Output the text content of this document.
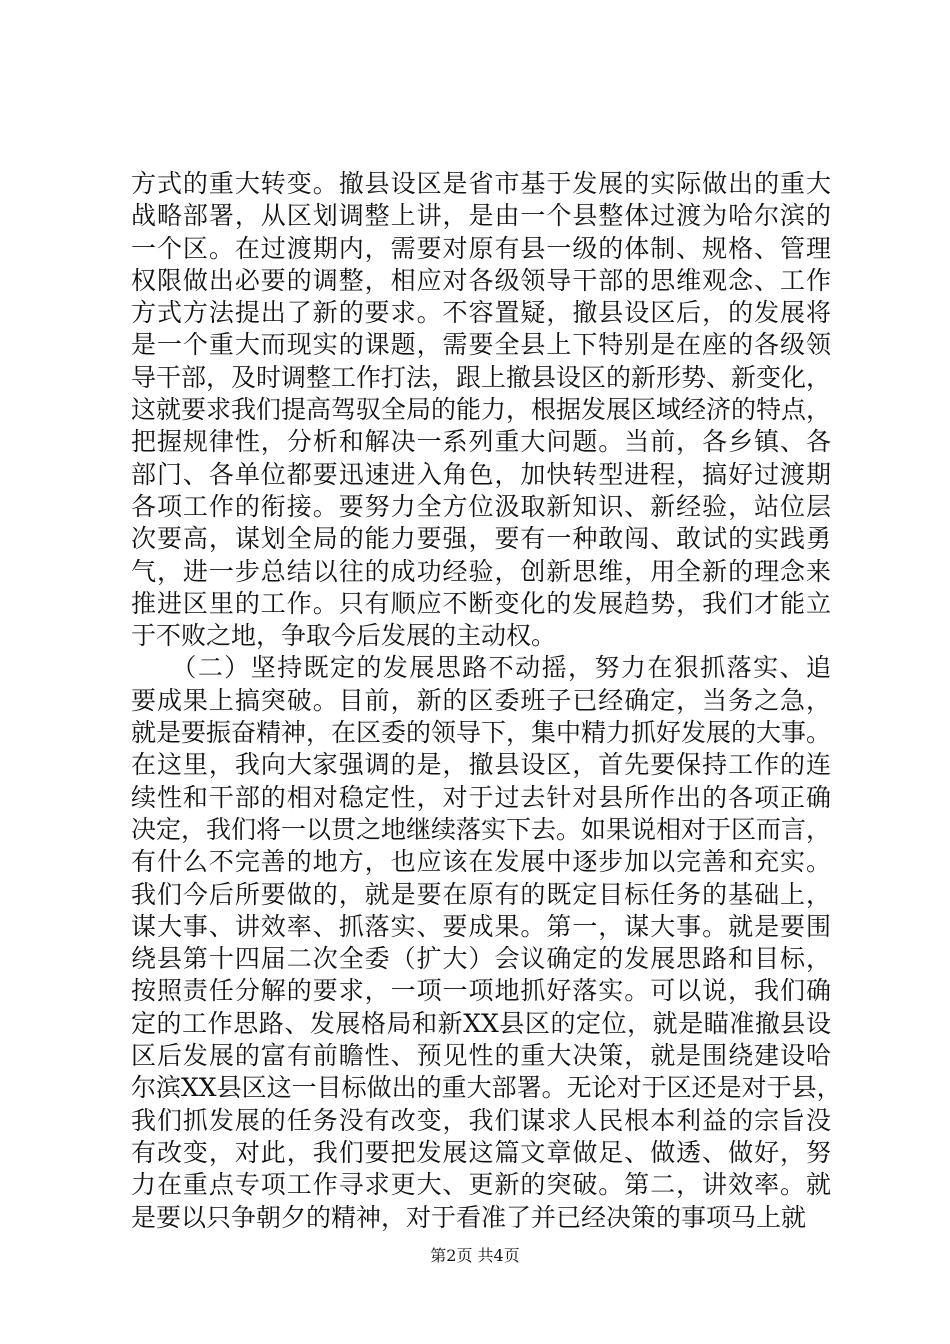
方式的重大转变。撤县设区是省市基于发展的实际做出的重大
战略部署，从区划调整上讲，是由一个县整体过渡为哈尔滨的
一个区。在过渡期内，需要对原有县一级的体制、规格、管理
权限做出必要的调整，相应对各级领导干部的思维观念、工作
方式方法提出了新的要求。不容置疑，撤县设区后，的发展将
是一个重大而现实的课题，需要全县上下特别是在座的各级领
导干部，及时调整工作打法，跟上撤县设区的新形势、新变化，
这就要求我们提高驾驭全局的能力，根据发展区域经济的特点，
把握规律性，分析和解决一系列重大问题。当前，各乡镇、各
部门、各单位都要迅速进入角色，加快转型进程，搞好过渡期
各项工作的衔接。要努力全方位汲取新知识、新经验，站位层
次要高，谋划全局的能力要强，要有一种敢闯、敢试的实践勇
气，进一步总结以往的成功经验，创新思维，用全新的理念来
推进区里的工作。只有顺应不断变化的发展趋势，我们才能立
于不败之地，争取今后发展的主动权。
　　（二）坚持既定的发展思路不动摇，努力在狠抓落实、追
要成果上搞突破。目前，新的区委班子已经确定，当务之急，
就是要振奋精神，在区委的领导下，集中精力抓好发展的大事。
在这里，我向大家强调的是，撤县设区，首先要保持工作的连
续性和干部的相对稳定性，对于过去针对县所作出的各项正确
决定，我们将一以贯之地继续落实下去。如果说相对于区而言，
有什么不完善的地方，也应该在发展中逐步加以完善和充实。
我们今后所要做的，就是要在原有的既定目标任务的基础上，
谋大事、讲效率、抓落实、要成果。第一，谋大事。就是要围
绕县第十四届二次全委（扩大）会议确定的发展思路和目标，
按照责任分解的要求，一项一项地抓好落实。可以说，我们确
定的工作思路、发展格局和新XX县区的定位，就是瞄准撤县设
区后发展的富有前瞻性、预见性的重大决策，就是围绕建设哈
尔滨XX县区这一目标做出的重大部署。无论对于区还是对于县，
我们抓发展的任务没有改变，我们谋求人民根本利益的宗旨没
有改变，对此，我们要把发展这篇文章做足、做透、做好，努
力在重点专项工作寻求更大、更新的突破。第二，讲效率。就
是要以只争朝夕的精神，对于看准了并已经决策的事项马上就
第2页 共4页
